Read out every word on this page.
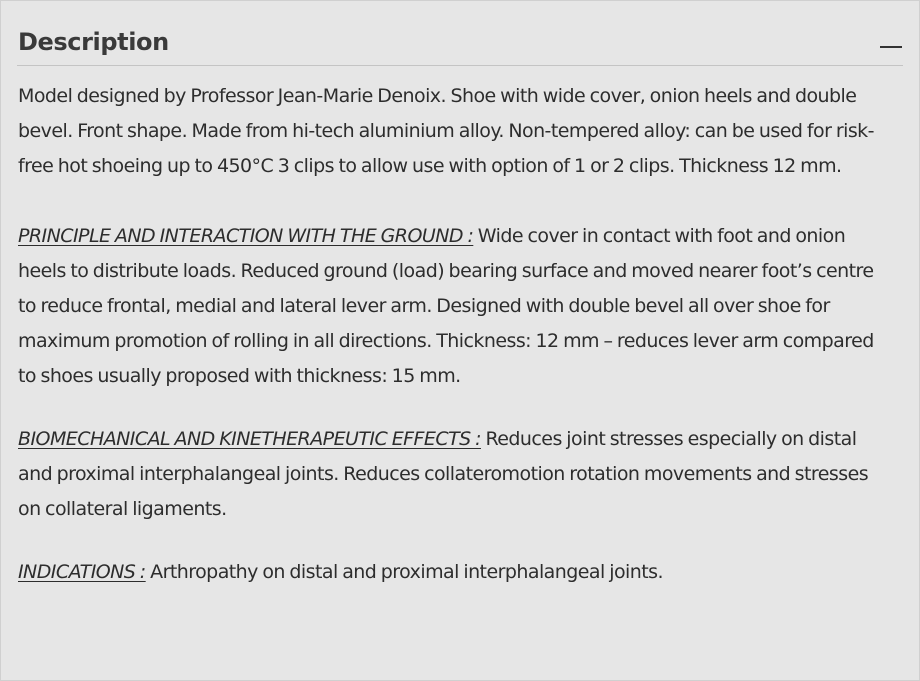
Description

Model designed by Professor Jean-Marie Denoix. Shoe with wide cover, onion heels and double bevel. Front shape. Made from hi-tech aluminium alloy. Non-tempered alloy: can be used for risk-free hot shoeing up to 450°C 3 clips to allow use with option of 1 or 2 clips. Thickness 12 mm.

PRINCIPLE AND INTERACTION WITH THE GROUND : Wide cover in contact with foot and onion heels to distribute loads. Reduced ground (load) bearing surface and moved nearer foot’s centre to reduce frontal, medial and lateral lever arm. Designed with double bevel all over shoe for maximum promotion of rolling in all directions. Thickness: 12 mm – reduces lever arm compared to shoes usually proposed with thickness: 15 mm.

BIOMECHANICAL AND KINETHERAPEUTIC EFFECTS : Reduces joint stresses especially on distal and proximal interphalangeal joints. Reduces collateromotion rotation movements and stresses on collateral ligaments.

INDICATIONS : Arthropathy on distal and proximal interphalangeal joints.
